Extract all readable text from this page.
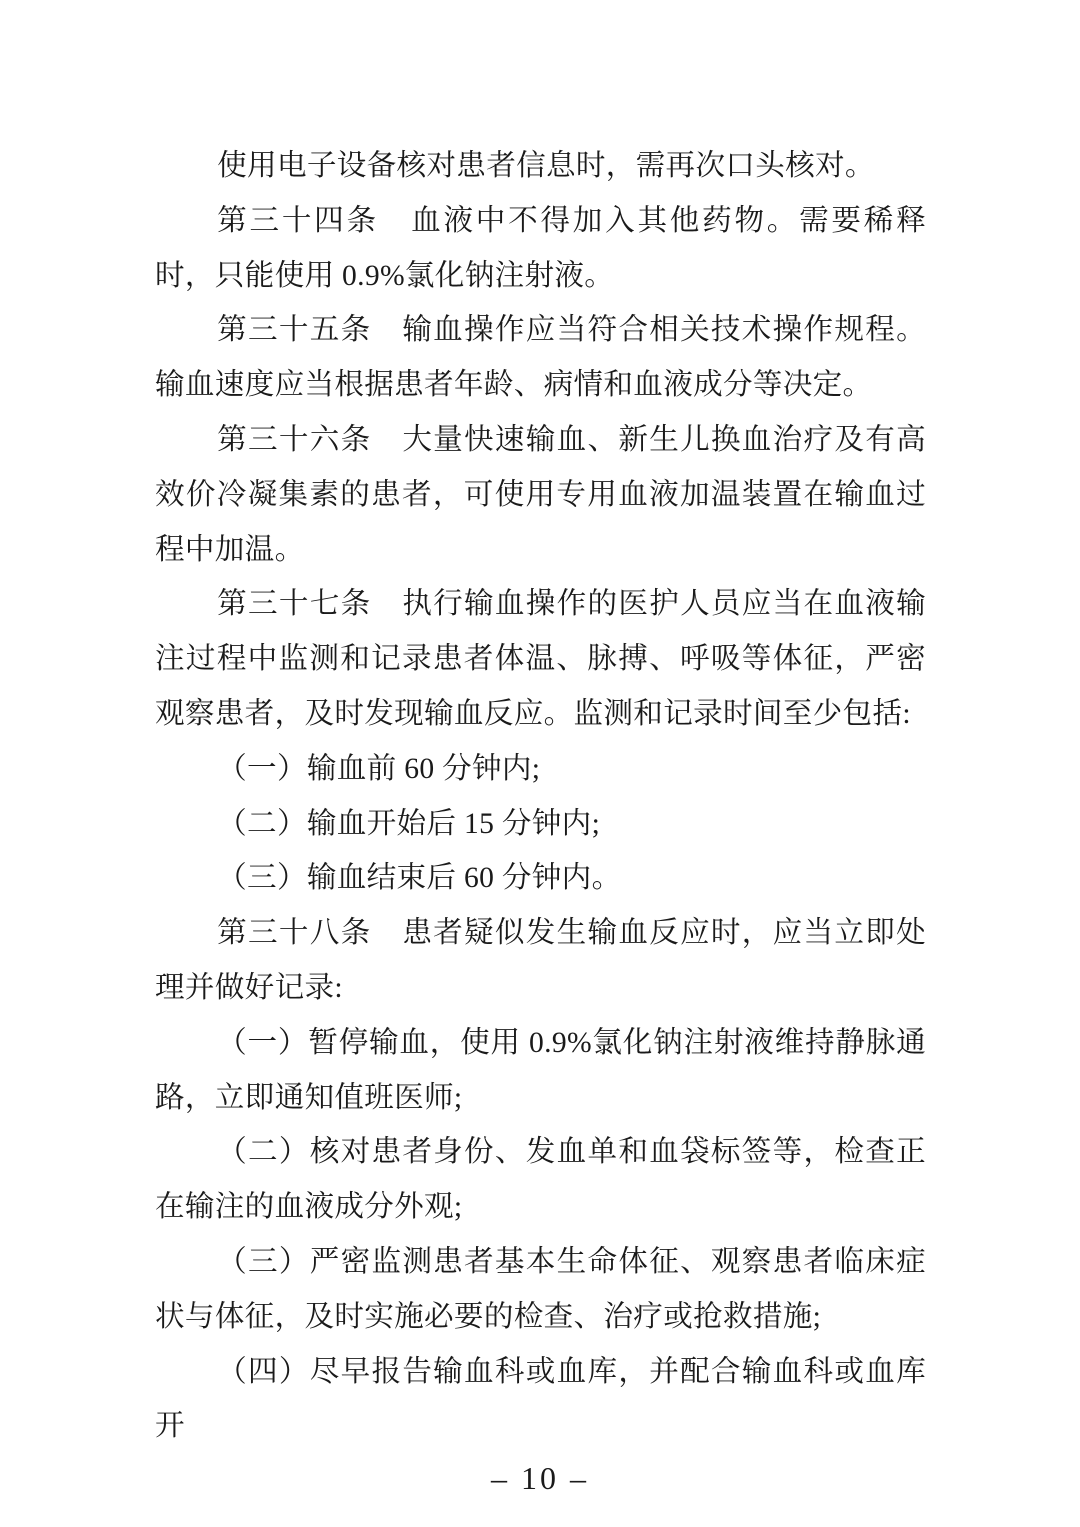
使用电子设备核对患者信息时，需再次口头核对。

第三十四条　血液中不得加入其他药物。需要稀释时，只能使用 0.9%氯化钠注射液。

第三十五条　输血操作应当符合相关技术操作规程。输血速度应当根据患者年龄、病情和血液成分等决定。

第三十六条　大量快速输血、新生儿换血治疗及有高效价冷凝集素的患者，可使用专用血液加温装置在输血过程中加温。

第三十七条　执行输血操作的医护人员应当在血液输注过程中监测和记录患者体温、脉搏、呼吸等体征，严密观察患者，及时发现输血反应。监测和记录时间至少包括:

（一）输血前 60 分钟内;

（二）输血开始后 15 分钟内;

（三）输血结束后 60 分钟内。

第三十八条　患者疑似发生输血反应时，应当立即处理并做好记录:

（一）暂停输血，使用 0.9%氯化钠注射液维持静脉通路，立即通知值班医师;

（二）核对患者身份、发血单和血袋标签等，检查正在输注的血液成分外观;

（三）严密监测患者基本生命体征、观察患者临床症状与体征，及时实施必要的检查、治疗或抢救措施;

（四）尽早报告输血科或血库，并配合输血科或血库开

– 10 –
